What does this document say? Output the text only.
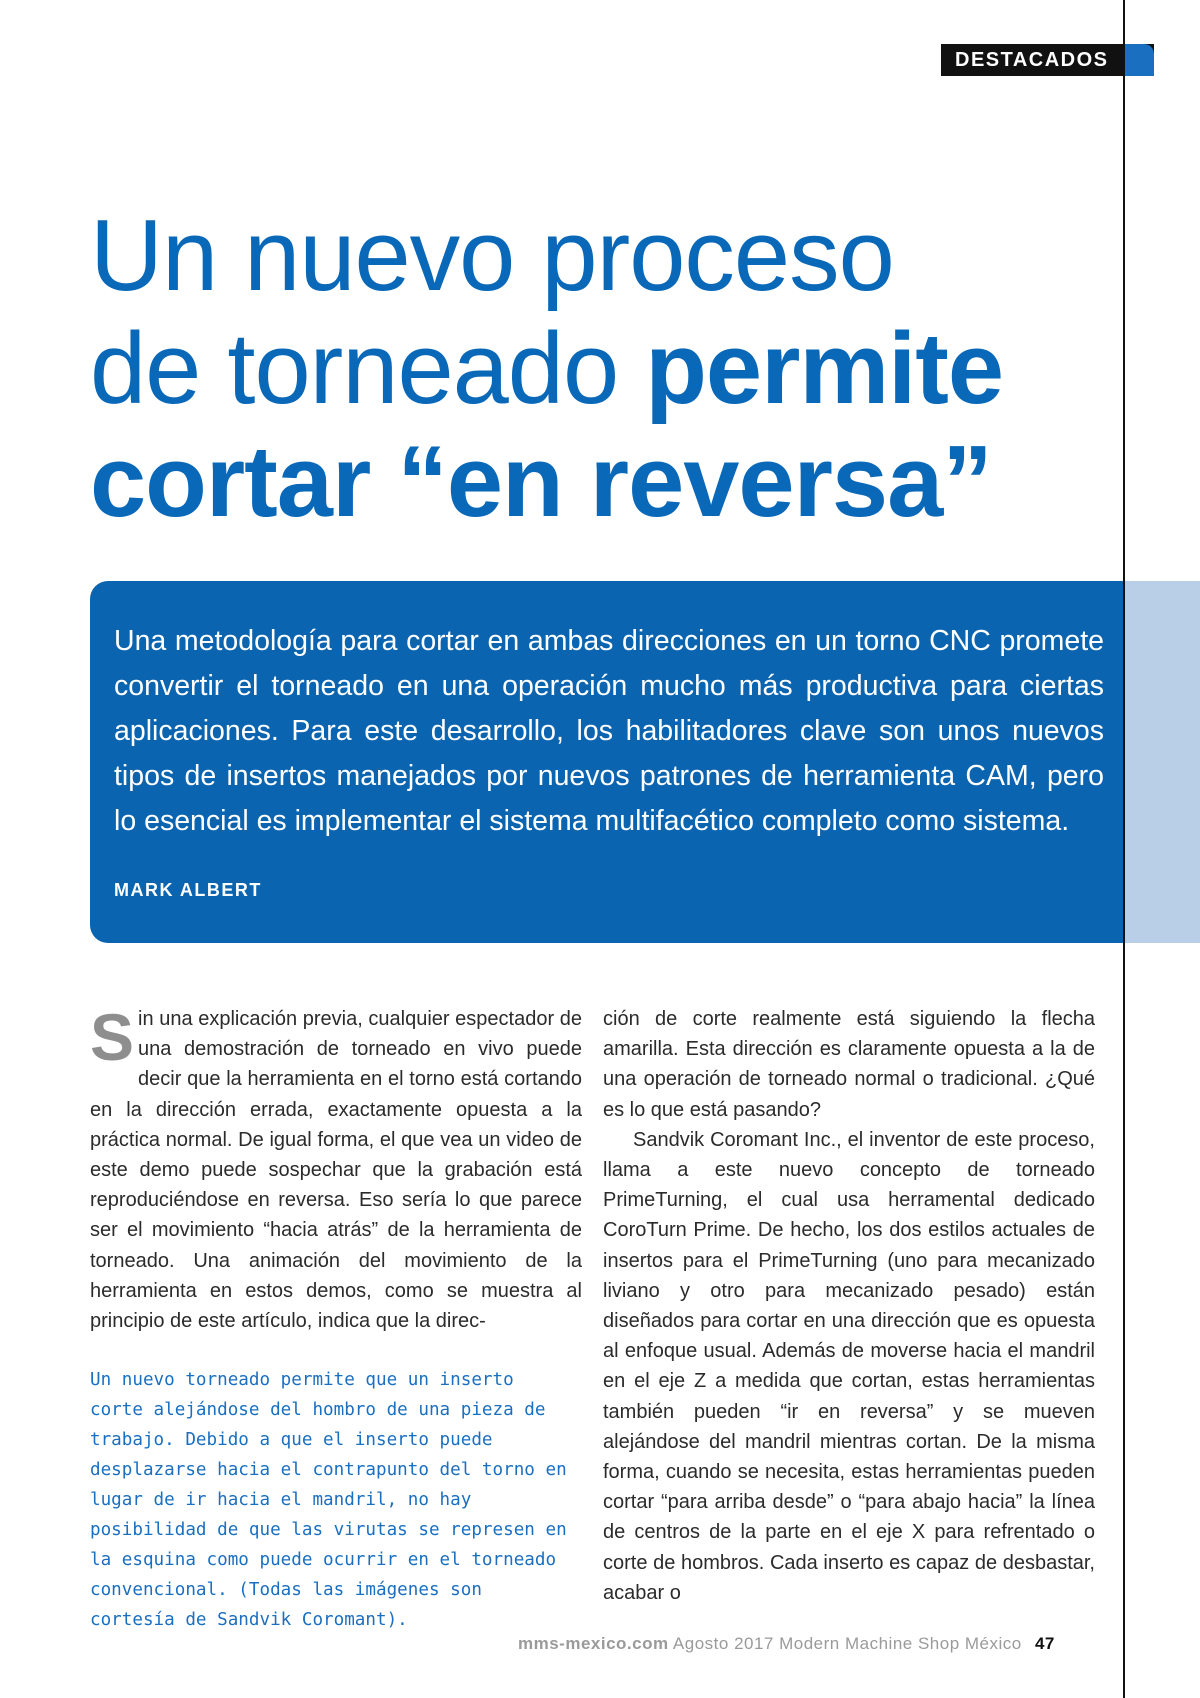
DESTACADOS
Un nuevo proceso
de torneado permite
cortar “en reversa”

Una metodología para cortar en ambas direcciones en un torno CNC promete convertir el torneado en una operación mucho más productiva para ciertas aplicaciones. Para este desarrollo, los habilitadores clave son unos nuevos tipos de insertos manejados por nuevos patrones de herramienta CAM, pero lo esencial es implementar el sistema multifacético completo como sistema.

MARK ALBERT

Sin una explicación previa, cualquier espectador de una demostración de torneado en vivo puede decir que la herramienta en el torno está cortando en la dirección errada, exactamente opuesta a la práctica normal. De igual forma, el que vea un video de este demo puede sospechar que la grabación está reproduciéndose en reversa. Eso sería lo que parece ser el movimiento “hacia atrás” de la herramienta de torneado. Una animación del movimiento de la herramienta en estos demos, como se muestra al principio de este artículo, indica que la direc-

Un nuevo torneado permite que un inserto corte alejándose del hombro de una pieza de trabajo. Debido a que el inserto puede desplazarse hacia el contrapunto del torno en lugar de ir hacia el mandril, no hay posibilidad de que las virutas se represen en la esquina como puede ocurrir en el torneado convencional. (Todas las imágenes son cortesía de Sandvik Coromant).

ción de corte realmente está siguiendo la flecha amarilla. Esta dirección es claramente opuesta a la de una operación de torneado normal o tradicional. ¿Qué es lo que está pasando?

Sandvik Coromant Inc., el inventor de este proceso, llama a este nuevo concepto de torneado PrimeTurning, el cual usa herramental dedicado CoroTurn Prime. De hecho, los dos estilos actuales de insertos para el PrimeTurning (uno para mecanizado liviano y otro para mecanizado pesado) están diseñados para cortar en una dirección que es opuesta al enfoque usual. Además de moverse hacia el mandril en el eje Z a medida que cortan, estas herramientas también pueden “ir en reversa” y se mueven alejándose del mandril mientras cortan. De la misma forma, cuando se necesita, estas herramientas pueden cortar “para arriba desde” o “para abajo hacia” la línea de centros de la parte en el eje X para refrentado o corte de hombros. Cada inserto es capaz de desbastar, acabar o

mms-mexico.com Agosto 2017 Modern Machine Shop México 47
